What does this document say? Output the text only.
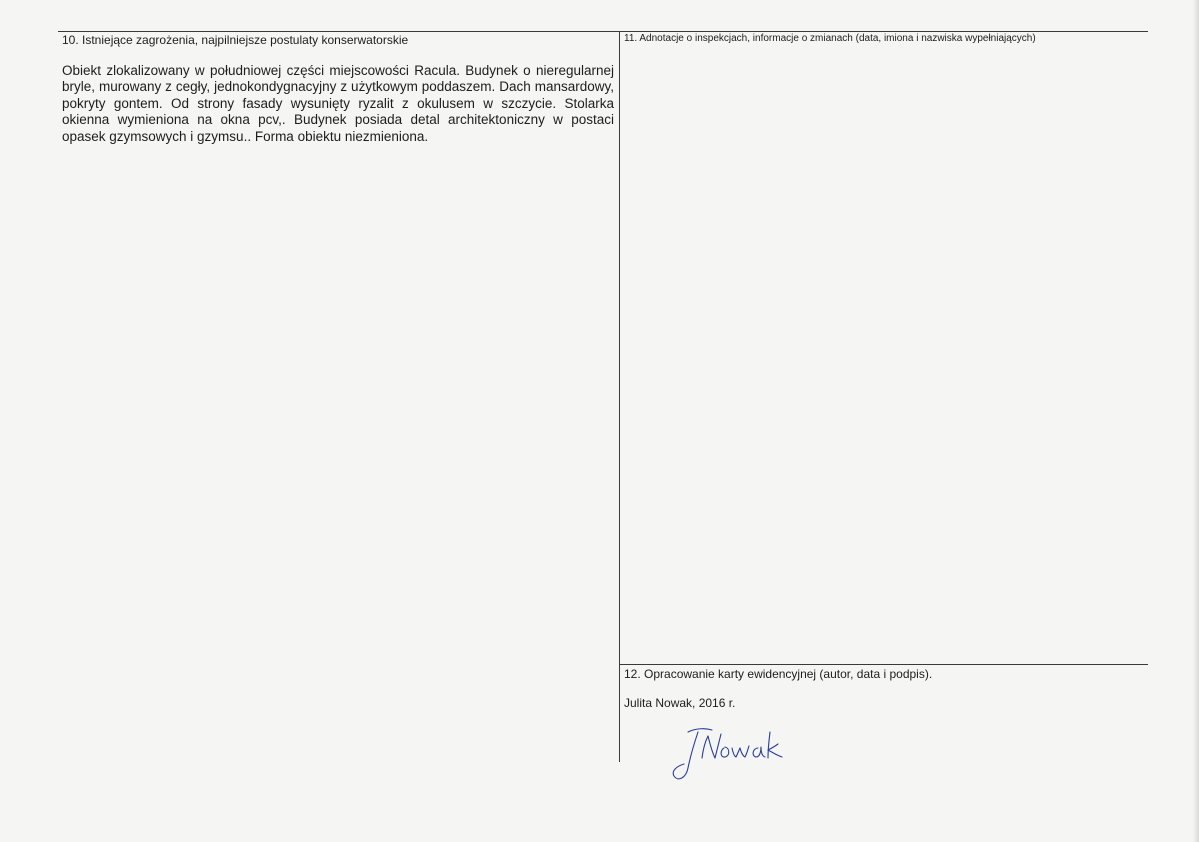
10. Istniejące zagrożenia, najpilniejsze postulaty konserwatorskie
Obiekt zlokalizowany w południowej części miejscowości Racula. Budynek o nieregularnej bryle, murowany z cegły, jednokondygnacyjny z użytkowym poddaszem. Dach mansardowy, pokryty gontem. Od strony fasady wysunięty ryzalit z okulusem w szczycie. Stolarka okienna wymieniona na okna pcv,. Budynek posiada detal architektoniczny w postaci opasek gzymsowych i gzymsu.. Forma obiektu niezmieniona.
11. Adnotacje o inspekcjach, informacje o zmianach (data, imiona i nazwiska wypełniających)
12. Opracowanie karty ewidencyjnej (autor, data i podpis).
Julita Nowak, 2016 r.
